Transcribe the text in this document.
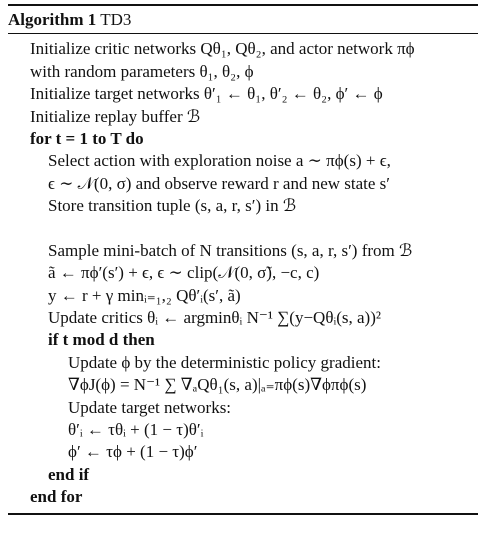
Algorithm 1 TD3
Initialize critic networks Qθ₁, Qθ₂, and actor network πϕ
with random parameters θ₁, θ₂, ϕ
Initialize target networks θ′₁ ← θ₁, θ′₂ ← θ₂, ϕ′ ← ϕ
Initialize replay buffer ℬ
for t = 1 to T do
Select action with exploration noise a ∼ πϕ(s) + ϵ,
ϵ ∼ 𝒩(0, σ) and observe reward r and new state s′
Store transition tuple (s, a, r, s′) in ℬ
Sample mini-batch of N transitions (s, a, r, s′) from ℬ
ã ← πϕ′(s′) + ϵ, ϵ ∼ clip(𝒩(0, σ̃), −c, c)
y ← r + γ minᵢ₌₁,₂ Qθ′ᵢ(s′, ã)
Update critics θᵢ ← argminθᵢ N⁻¹ ∑(y−Qθᵢ(s, a))²
if t mod d then
Update ϕ by the deterministic policy gradient:
∇ϕJ(ϕ) = N⁻¹ ∑ ∇ₐQθ₁(s, a)|ₐ₌πϕ(s)∇ϕπϕ(s)
Update target networks:
θ′ᵢ ← τθᵢ + (1 − τ)θ′ᵢ
ϕ′ ← τϕ + (1 − τ)ϕ′
end if
end for
